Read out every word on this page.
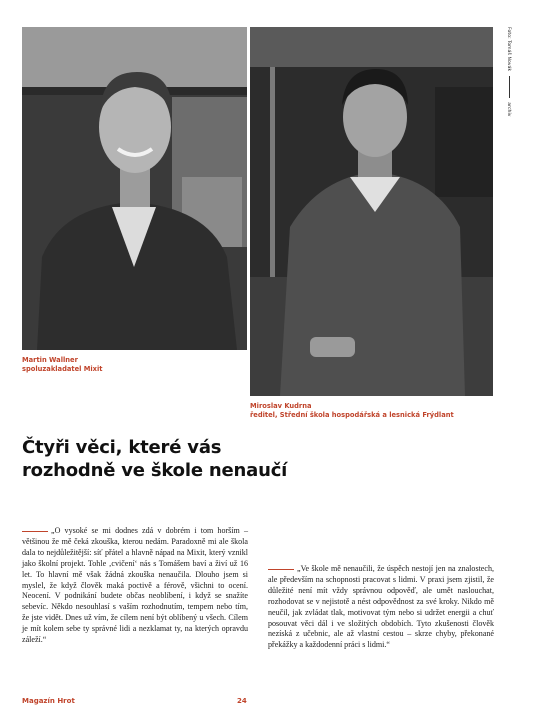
Foto: Tomáš Novák  archiv
Martin Wallner
spoluzakladatel Mixit
Miroslav Kudrna
ředitel, Střední škola hospodářská a lesnická Frýdlant
Čtyři věci, které vás
rozhodně ve škole nenaučí
„O vysoké se mi dodnes zdá v dobrém i tom horším – většinou že mě čeká zkouška, kterou nedám. Paradoxně mi ale škola dala to nejdůležitější: síť přátel a hlavně nápad na Mixit, který vznikl jako školní projekt. Tohle ‚cvičení‘ nás s Tomášem baví a živí už 16 let. To hlavní mě však žádná zkouška nenaučila. Dlouho jsem si myslel, že když člověk maká poctivě a férově, všichni to ocení. Neocení. V podnikání budete občas neoblíbení, i když se snažíte sebevíc. Někdo nesouhlasí s vaším rozhodnutím, tempem nebo tím, že jste vidět. Dnes už vím, že cílem není být oblíbený u všech. Cílem je mít kolem sebe ty správné lidi a nezklamat ty, na kterých opravdu záleží.“
„Ve škole mě nenaučili, že úspěch nestojí jen na znalostech, ale především na schopnosti pracovat s lidmi. V praxi jsem zjistil, že důležité není mít vždy správnou odpověď, ale umět naslouchat, rozhodovat se v nejistotě a nést odpovědnost za své kroky. Nikdo mě neučil, jak zvládat tlak, motivovat tým nebo si udržet energii a chuť posouvat věci dál i ve složitých obdobích. Tyto zkušenosti člověk nezíská z učebnic, ale až vlastní cestou – skrze chyby, překonané překážky a každodenní práci s lidmi.“
Magazín Hrot	24
